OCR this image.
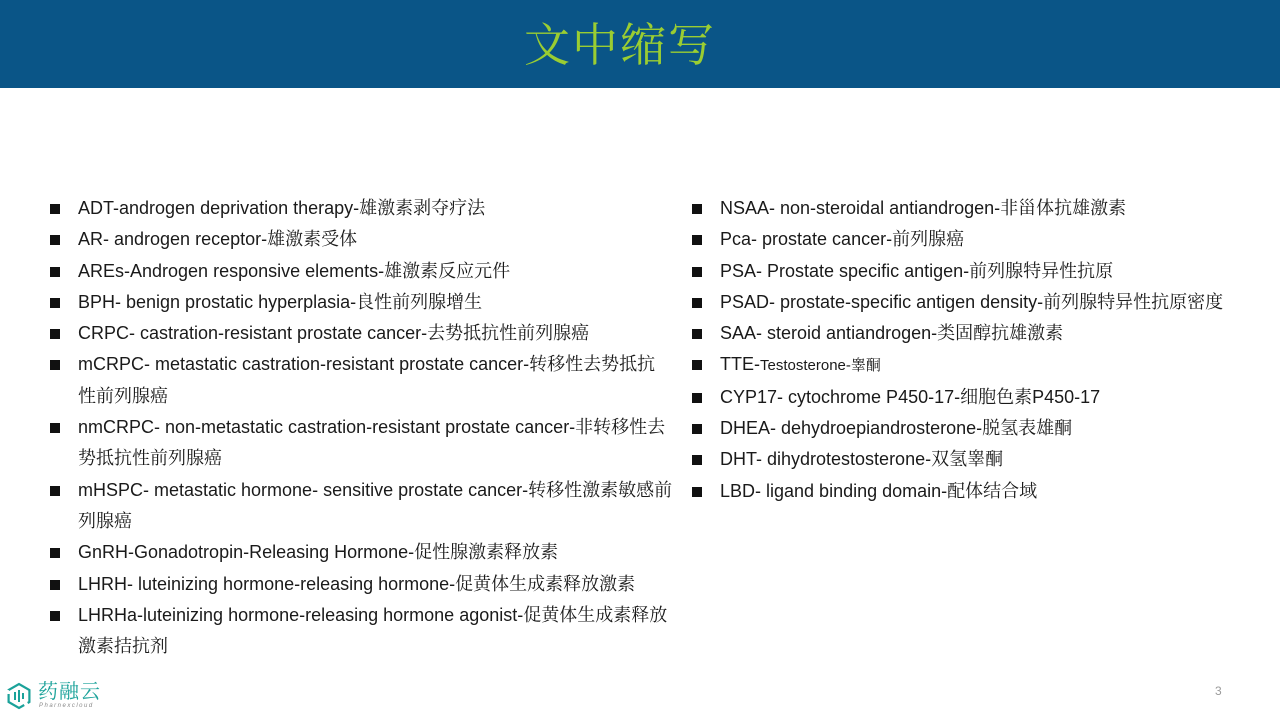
文中缩写
ADT-androgen deprivation therapy-雄激素剥夺疗法
AR- androgen receptor-雄激素受体
AREs-Androgen responsive elements-雄激素反应元件
BPH- benign prostatic hyperplasia-良性前列腺增生
CRPC- castration-resistant prostate cancer-去势抵抗性前列腺癌
mCRPC- metastatic castration-resistant prostate cancer-转移性去势抵抗性前列腺癌
nmCRPC- non-metastatic castration-resistant prostate cancer-非转移性去势抵抗性前列腺癌
mHSPC- metastatic hormone- sensitive prostate cancer-转移性激素敏感前列腺癌
GnRH-Gonadotropin-Releasing Hormone-促性腺激素释放素
LHRH- luteinizing hormone-releasing hormone-促黄体生成素释放激素
LHRHa-luteinizing hormone-releasing hormone agonist-促黄体生成素释放激素拮抗剂
NSAA- non-steroidal antiandrogen-非甾体抗雄激素
Pca- prostate cancer-前列腺癌
PSA- Prostate specific antigen-前列腺特异性抗原
PSAD- prostate-specific antigen density-前列腺特异性抗原密度
SAA- steroid antiandrogen-类固醇抗雄激素
TTE-Testosterone-睾酮
CYP17- cytochrome P450-17-细胞色素P450-17
DHEA- dehydroepiandrosterone-脱氢表雄酮
DHT- dihydrotestosterone-双氢睾酮
LBD- ligand binding domain-配体结合域
药融云
Pharnexcloud
3
